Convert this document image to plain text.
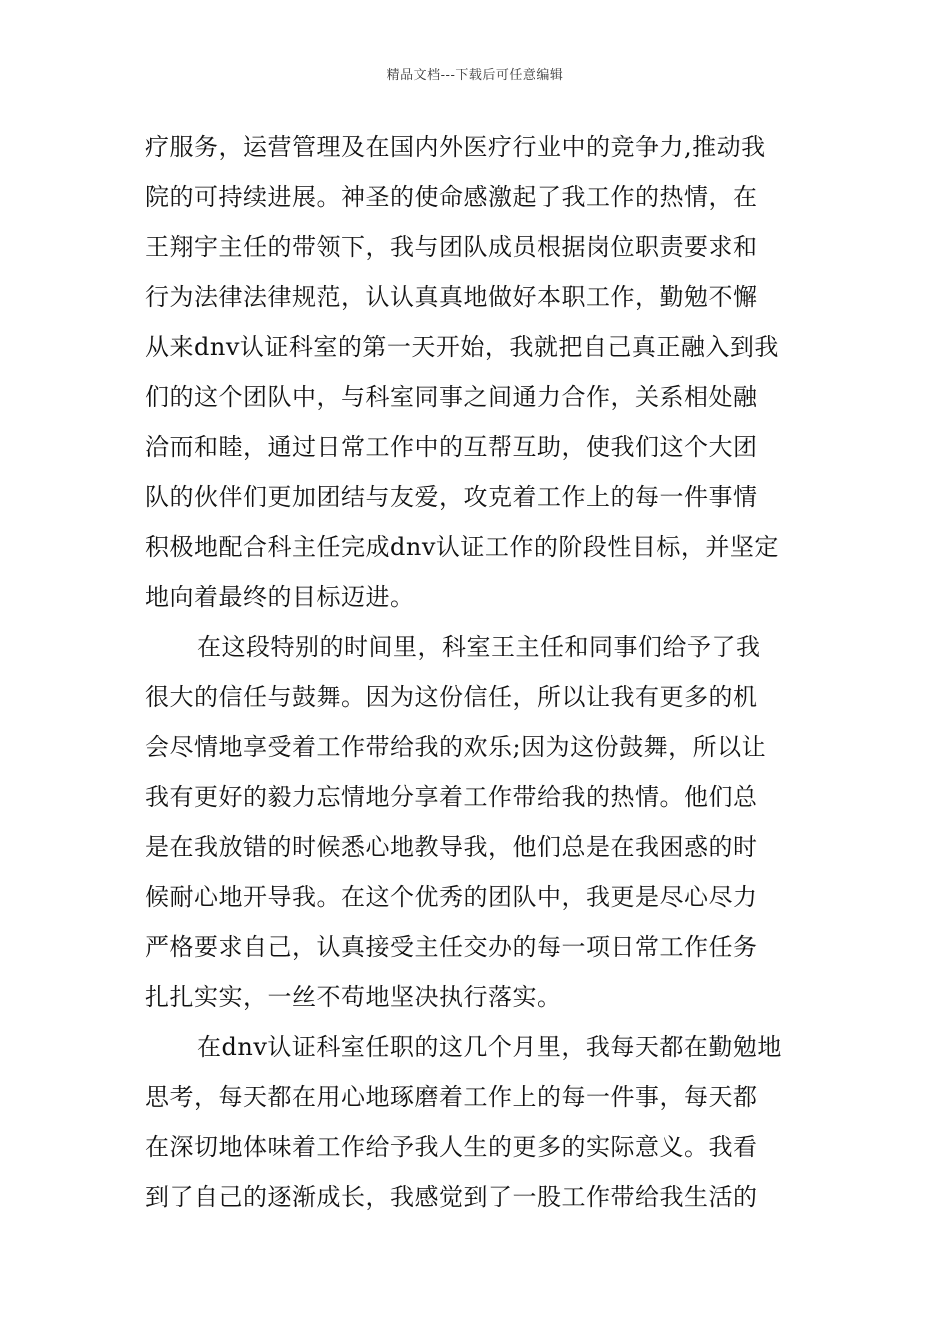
精品文档---下载后可任意编辑
疗服务，运营管理及在国内外医疗行业中的竞争力,推动我
院的可持续进展。神圣的使命感激起了我工作的热情，在
王翔宇主任的带领下，我与团队成员根据岗位职责要求和
行为法律法律规范，认认真真地做好本职工作，勤勉不懈
从来dnv认证科室的第一天开始，我就把自己真正融入到我
们的这个团队中，与科室同事之间通力合作，关系相处融
洽而和睦，通过日常工作中的互帮互助，使我们这个大团
队的伙伴们更加团结与友爱，攻克着工作上的每一件事情
积极地配合科主任完成dnv认证工作的阶段性目标，并坚定
地向着最终的目标迈进。
在这段特别的时间里，科室王主任和同事们给予了我
很大的信任与鼓舞。因为这份信任，所以让我有更多的机
会尽情地享受着工作带给我的欢乐;因为这份鼓舞，所以让
我有更好的毅力忘情地分享着工作带给我的热情。他们总
是在我放错的时候悉心地教导我，他们总是在我困惑的时
候耐心地开导我。在这个优秀的团队中，我更是尽心尽力
严格要求自己，认真接受主任交办的每一项日常工作任务
扎扎实实，一丝不苟地坚决执行落实。
在dnv认证科室任职的这几个月里，我每天都在勤勉地
思考，每天都在用心地琢磨着工作上的每一件事，每天都
在深切地体味着工作给予我人生的更多的实际意义。我看
到了自己的逐渐成长，我感觉到了一股工作带给我生活的
